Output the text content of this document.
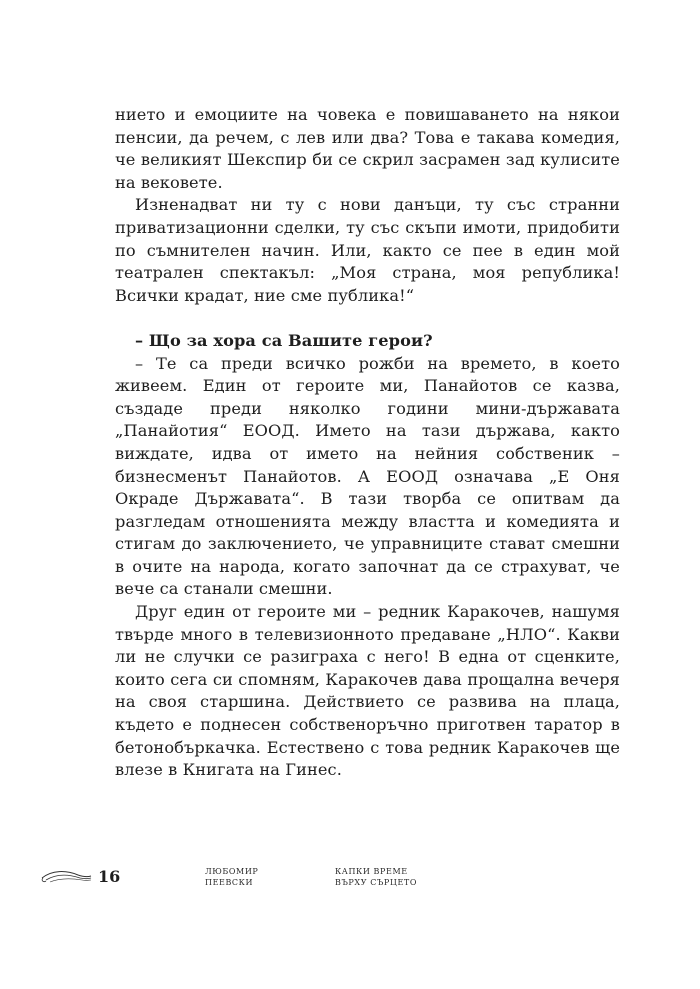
нието и емоциите на човека е повишаването на някои пенсии, да речем, с лев или два? Това е такава комедия, че великият Шекспир би се скрил засрамен зад кулисите на вековете.

Изненадват ни ту с нови данъци, ту със странни приватизационни сделки, ту със скъпи имоти, придобити по съмнителен начин. Или, както се пее в един мой театрален спектакъл: „Моя страна, моя република! Всички крадат, ние сме публика!“

– Що за хора са Вашите герои?

– Те са преди всичко рожби на времето, в което живеем. Един от героите ми, Панайотов се казва, създаде преди няколко години мини-държавата „Панайотия“ ЕООД. Името на тази държава, както виждате, идва от името на нейния собственик – бизнесменът Панайотов. А ЕООД означава „Е Оня Окраде Държавата“. В тази творба се опитвам да разгледам отношенията между властта и комедията и стигам до заключението, че управниците стават смешни в очите на народа, когато започнат да се страхуват, че вече са станали смешни.

Друг един от героите ми – редник Каракочев, нашумя твърде много в телевизионното предаване „НЛО“. Какви ли не случки се разиграха с него! В една от сценките, които сега си спомням, Каракочев дава прощална вечеря на своя старшина. Действието се развива на плаца, където е поднесен собственоръчно приготвен таратор в бетонобъркачка. Естествено с това редник Каракочев ще влезе в Книгата на Гинес.

16	ЛЮБОМИР
ПЕЕВСКИ
КАПКИ ВРЕМЕ
ВЪРХУ СЪРЦЕТО
